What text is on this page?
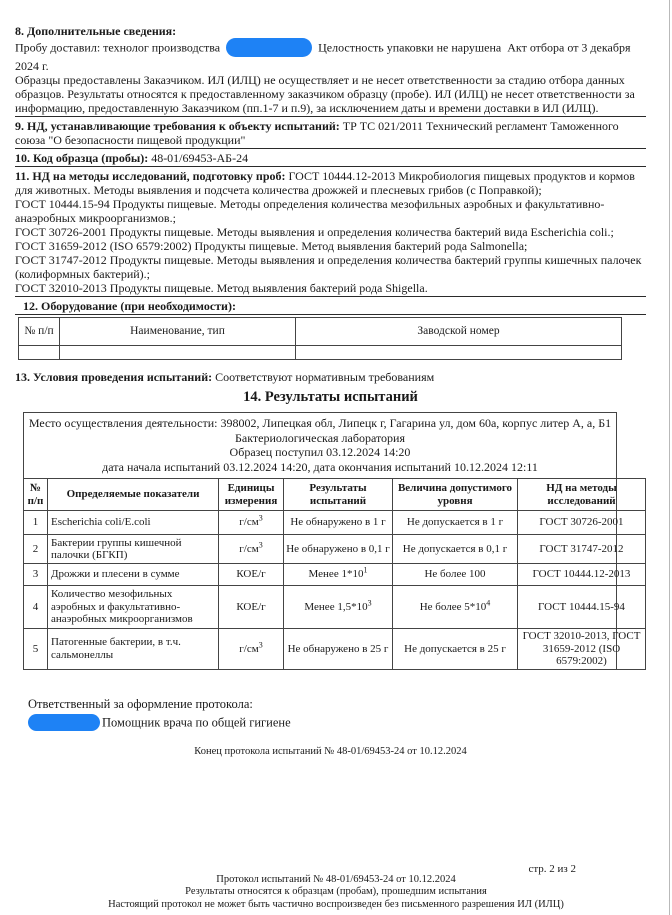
8. Дополнительные сведения:
Пробу доставил: технолог производства	Целостность упаковки не нарушена  Акт отбора от 3 декабря 2024 г.
Образцы предоставлены Заказчиком. ИЛ (ИЛЦ) не осуществляет и не несет ответственности за стадию отбора данных образцов. Результаты относятся к предоставленному заказчиком образцу (пробе). ИЛ (ИЛЦ) не несет ответственности за информацию, предоставленную Заказчиком (пп.1-7 и п.9), за исключением даты и времени доставки в ИЛ (ИЛЦ).
9. НД, устанавливающие требования к объекту испытаний: ТР ТС 021/2011 Технический регламент Таможенного союза "О безопасности пищевой продукции"
10. Код образца (пробы): 48-01/69453-АБ-24
11. НД на методы исследований, подготовку проб: ГОСТ 10444.12-2013 Микробиология пищевых продуктов и кормов для животных. Методы выявления и подсчета количества дрожжей и плесневых грибов (с Поправкой);
ГОСТ 10444.15-94 Продукты пищевые. Методы определения количества мезофильных аэробных и факультативно-анаэробных микроорганизмов.;
ГОСТ 30726-2001 Продукты пищевые. Методы выявления и определения количества бактерий вида Escherichia coli.;
ГОСТ 31659-2012 (ISO 6579:2002) Продукты пищевые. Метод выявления бактерий рода Salmonella;
ГОСТ 31747-2012 Продукты пищевые. Методы выявления и определения количества бактерий группы кишечных палочек (колиформных бактерий).;
ГОСТ 32010-2013 Продукты пищевые. Метод выявления бактерий рода Shigella.
12. Оборудование (при необходимости):
№ п/п	Наименование, тип	Заводской номер

13. Условия проведения испытаний: Соответствуют нормативным требованиям
14. Результаты испытаний
Место осуществления деятельности: 398002, Липецкая обл, Липецк г, Гагарина ул, дом 60а, корпус литер А, а, Б1
Бактериологическая лаборатория
Образец поступил 03.12.2024 14:20
дата начала испытаний 03.12.2024 14:20, дата окончания испытаний 10.12.2024 12:11
№ п/п	Определяемые показатели	Единицы измерения	Результаты испытаний	Величина допустимого уровня	НД на методы исследований
1	Escherichia coli/E.coli	$г/см^3$	Не обнаружено в 1 г	Не допускается в 1 г	ГОСТ 30726-2001
2	Бактерии группы кишечной палочки (БГКП)	$г/см^3$	Не обнаружено в 0,1 г	Не допускается в 0,1 г	ГОСТ 31747-2012
3	Дрожжи и плесени в сумме	КОЕ/г	Менее $1*10^1$	Не более 100	ГОСТ 10444.12-2013
4	Количество мезофильных аэробных и факультативно-анаэробных микроорганизмов	КОЕ/г	Менее $1,5*10^3$	Не более $5*10^4$	ГОСТ 10444.15-94
5	Патогенные бактерии, в т.ч. сальмонеллы	$г/см^3$	Не обнаружено в 25 г	Не допускается в 25 г	ГОСТ 32010-2013, ГОСТ 31659-2012 (ISO 6579:2002)
Ответственный за оформление протокола:
Помощник врача по общей гигиене
Конец протокола испытаний № 48-01/69453-24 от 10.12.2024
стр. 2 из 2
Протокол испытаний № 48-01/69453-24 от 10.12.2024
Результаты относятся к образцам (пробам), прошедшим испытания
Настоящий протокол не может быть частично воспроизведен без письменного разрешения ИЛ (ИЛЦ)
